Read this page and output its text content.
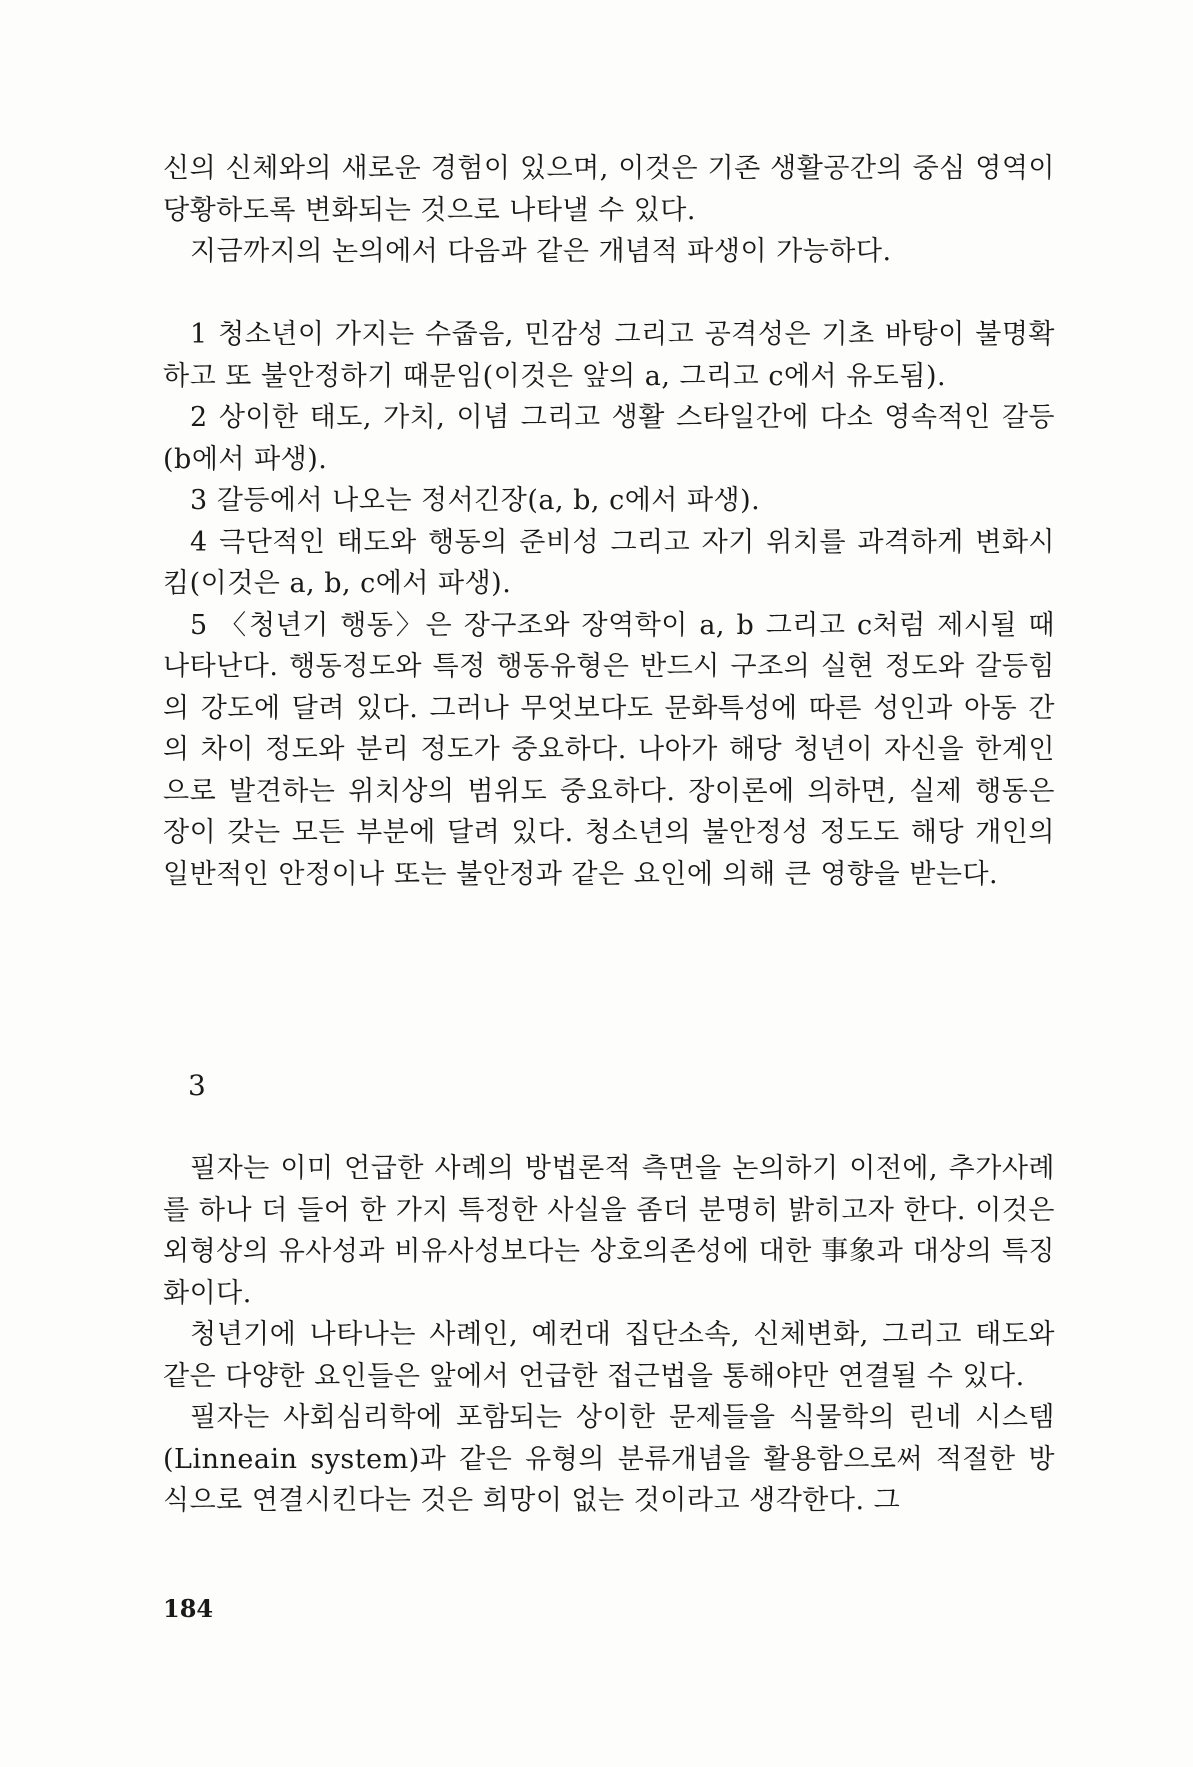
신의 신체와의 새로운 경험이 있으며, 이것은 기존 생활공간의 중심 영역이 당황하도록 변화되는 것으로 나타낼 수 있다.

지금까지의 논의에서 다음과 같은 개념적 파생이 가능하다.

1 청소년이 가지는 수줍음, 민감성 그리고 공격성은 기초 바탕이 불명확하고 또 불안정하기 때문임(이것은 앞의 a, 그리고 c에서 유도됨).

2 상이한 태도, 가치, 이념 그리고 생활 스타일간에 다소 영속적인 갈등(b에서 파생).

3 갈등에서 나오는 정서긴장(a, b, c에서 파생).

4 극단적인 태도와 행동의 준비성 그리고 자기 위치를 과격하게 변화시킴(이것은 a, b, c에서 파생).

5 〈청년기 행동〉은 장구조와 장역학이 a, b 그리고 c처럼 제시될 때 나타난다. 행동정도와 특정 행동유형은 반드시 구조의 실현 정도와 갈등힘의 강도에 달려 있다. 그러나 무엇보다도 문화특성에 따른 성인과 아동 간의 차이 정도와 분리 정도가 중요하다. 나아가 해당 청년이 자신을 한계인으로 발견하는 위치상의 범위도 중요하다. 장이론에 의하면, 실제 행동은 장이 갖는 모든 부분에 달려 있다. 청소년의 불안정성 정도도 해당 개인의 일반적인 안정이나 또는 불안정과 같은 요인에 의해 큰 영향을 받는다.

3

필자는 이미 언급한 사례의 방법론적 측면을 논의하기 이전에, 추가사례를 하나 더 들어 한 가지 특정한 사실을 좀더 분명히 밝히고자 한다. 이것은 외형상의 유사성과 비유사성보다는 상호의존성에 대한 事象과 대상의 특징화이다.

청년기에 나타나는 사례인, 예컨대 집단소속, 신체변화, 그리고 태도와 같은 다양한 요인들은 앞에서 언급한 접근법을 통해야만 연결될 수 있다.

필자는 사회심리학에 포함되는 상이한 문제들을 식물학의 린네 시스템(Linneain system)과 같은 유형의 분류개념을 활용함으로써 적절한 방식으로 연결시킨다는 것은 희망이 없는 것이라고 생각한다. 그

184
